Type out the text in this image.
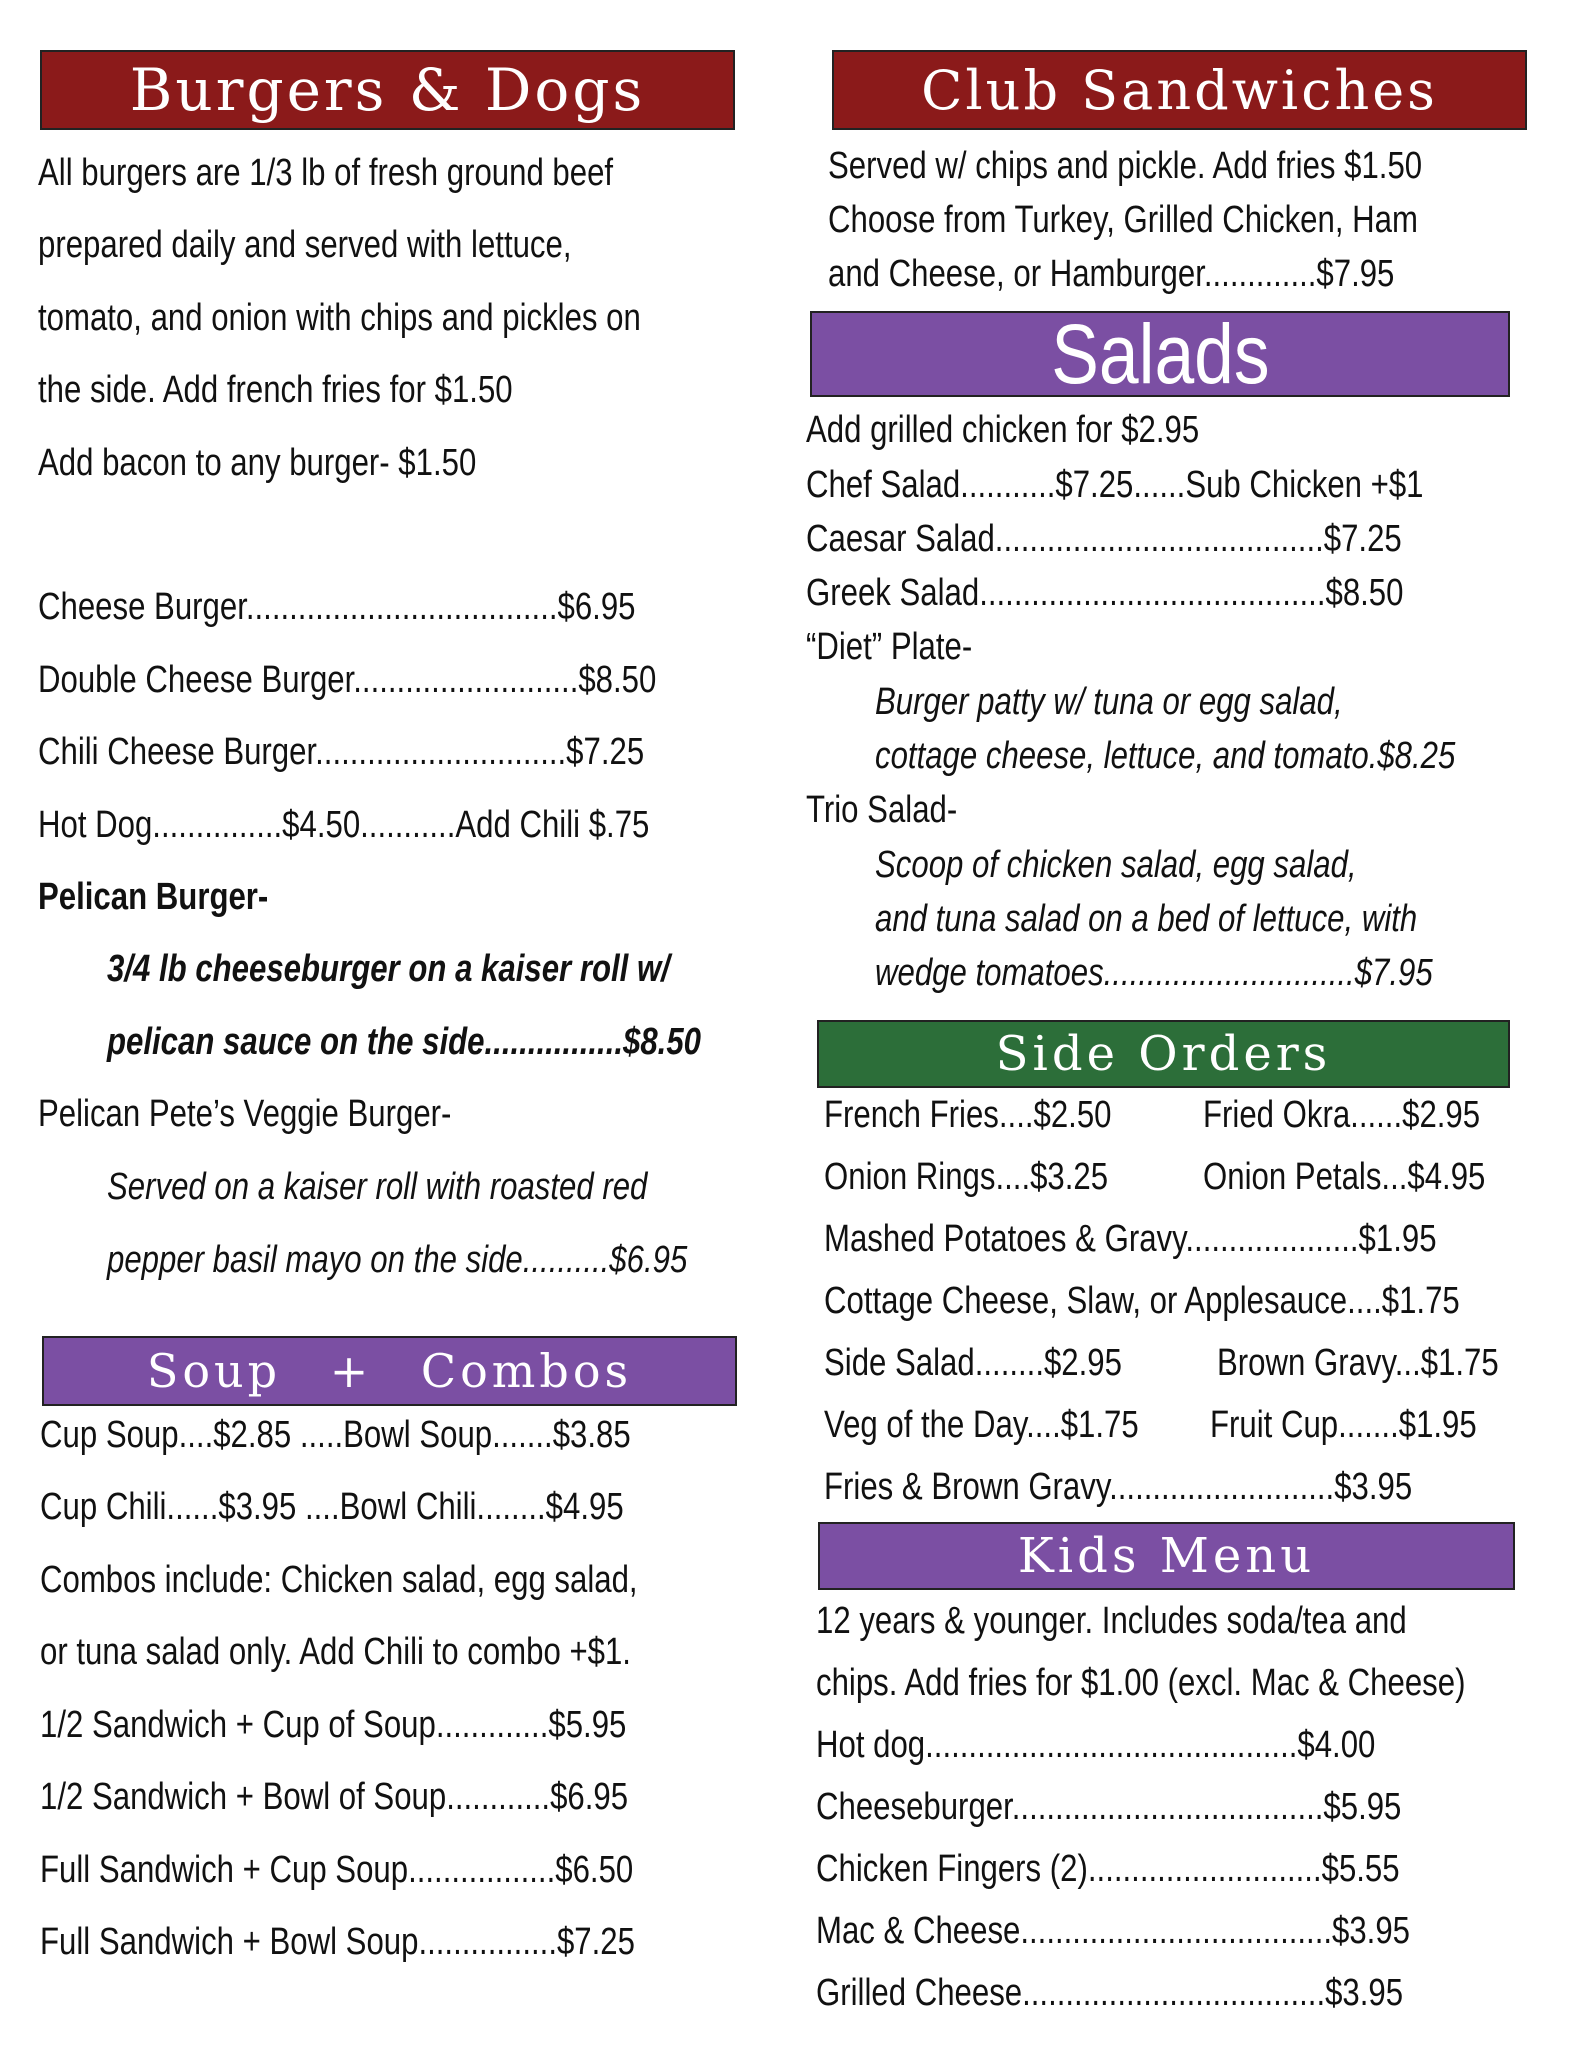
Burgers & Dogs
All burgers are 1/3 lb of fresh ground beef
prepared daily and served with lettuce,
tomato, and onion with chips and pickles on
the side. Add french fries for $1.50
Add bacon to any burger- $1.50
Cheese Burger....................................$6.95
Double Cheese Burger..........................$8.50
Chili Cheese Burger.............................$7.25
Hot Dog...............$4.50...........Add Chili $.75
Pelican Burger-
3/4 lb cheeseburger on a kaiser roll w/
pelican sauce on the side................$8.50
Pelican Pete’s Veggie Burger-
Served on a kaiser roll with roasted red
pepper basil mayo on the side..........$6.95
Soup + Combos
Cup Soup....$2.85 .....Bowl Soup.......$3.85
Cup Chili......$3.95 ....Bowl Chili........$4.95
Combos include: Chicken salad, egg salad,
or tuna salad only. Add Chili to combo +$1.
1/2 Sandwich + Cup of Soup.............$5.95
1/2 Sandwich + Bowl of Soup............$6.95
Full Sandwich + Cup Soup.................$6.50
Full Sandwich + Bowl Soup................$7.25
Club Sandwiches
Served w/ chips and pickle. Add fries $1.50
Choose from Turkey, Grilled Chicken, Ham
and Cheese, or Hamburger.............$7.95
Salads
Add grilled chicken for $2.95
Chef Salad...........$7.25......Sub Chicken +$1
Caesar Salad......................................$7.25
Greek Salad........................................$8.50
“Diet” Plate-
Burger patty w/ tuna or egg salad,
cottage cheese, lettuce, and tomato.$8.25
Trio Salad-
Scoop of chicken salad, egg salad,
and tuna salad on a bed of lettuce, with
wedge tomatoes.............................$7.95
Side Orders
French Fries....$2.50 Fried Okra......$2.95
Onion Rings....$3.25 Onion Petals...$4.95
Mashed Potatoes & Gravy....................$1.95
Cottage Cheese, Slaw, or Applesauce....$1.75
Side Salad........$2.95	Brown Gravy...$1.75
Veg of the Day....$1.75 Fruit Cup.......$1.95
Fries & Brown Gravy..........................$3.95
Kids Menu
12 years & younger. Includes soda/tea and
chips. Add fries for $1.00 (excl. Mac & Cheese)
Hot dog...........................................$4.00
Cheeseburger....................................$5.95
Chicken Fingers (2)...........................$5.55
Mac & Cheese....................................$3.95
Grilled Cheese...................................$3.95
